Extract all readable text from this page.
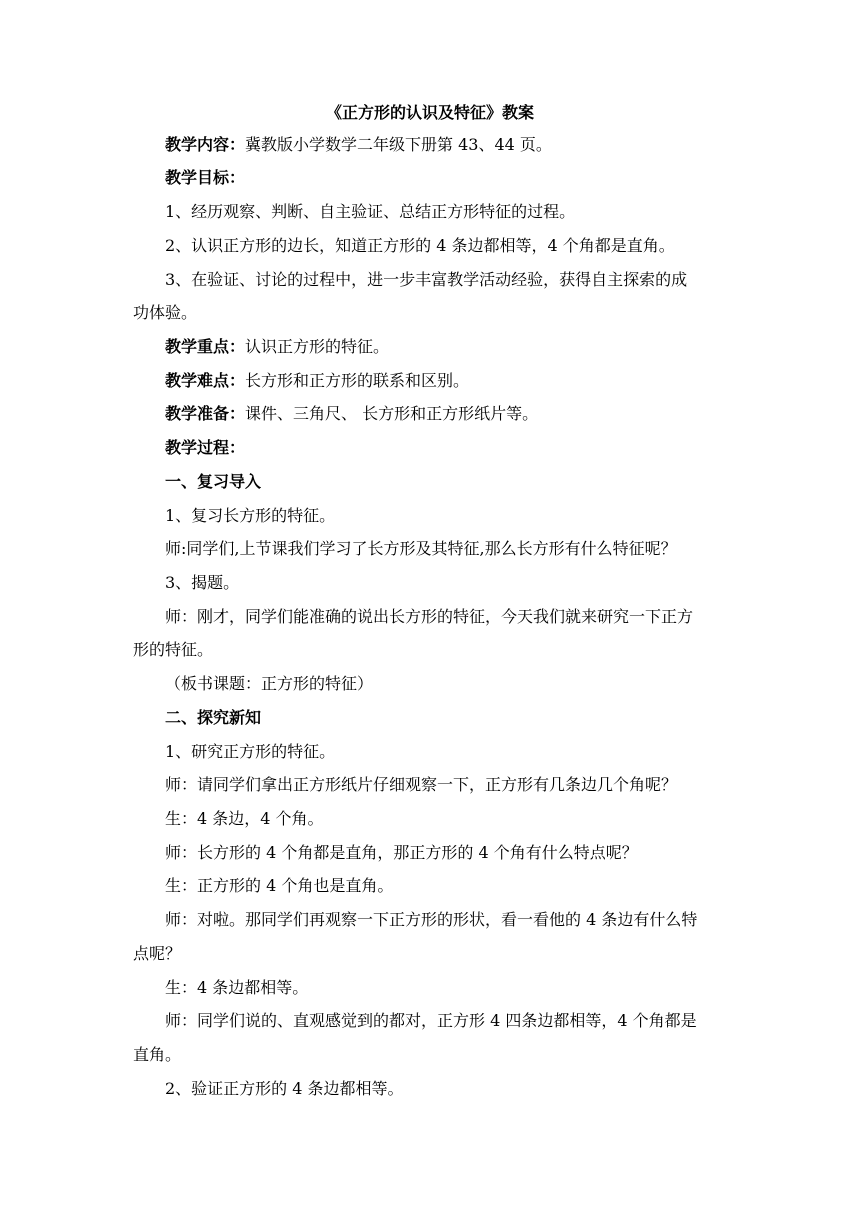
《正方形的认识及特征》教案

教学内容：冀教版小学数学二年级下册第 43、44 页。

教学目标：

1、经历观察、判断、自主验证、总结正方形特征的过程。

2、认识正方形的边长，知道正方形的 4 条边都相等，4 个角都是直角。

3、在验证、讨论的过程中，进一步丰富教学活动经验，获得自主探索的成

功体验。

教学重点：认识正方形的特征。

教学难点：长方形和正方形的联系和区别。

教学准备：课件、三角尺、 长方形和正方形纸片等。

教学过程：

一、复习导入

1、复习长方形的特征。

师:同学们,上节课我们学习了长方形及其特征,那么长方形有什么特征呢？

3、揭题。

师：刚才，同学们能准确的说出长方形的特征，今天我们就来研究一下正方

形的特征。

（板书课题：正方形的特征）

二、探究新知

1、研究正方形的特征。

师：请同学们拿出正方形纸片仔细观察一下，正方形有几条边几个角呢？

生：4 条边，4 个角。

师：长方形的 4 个角都是直角，那正方形的 4 个角有什么特点呢？

生：正方形的 4 个角也是直角。

师：对啦。那同学们再观察一下正方形的形状，看一看他的 4 条边有什么特

点呢？

生：4 条边都相等。

师：同学们说的、直观感觉到的都对，正方形 4 四条边都相等，4 个角都是

直角。

2、验证正方形的 4 条边都相等。
